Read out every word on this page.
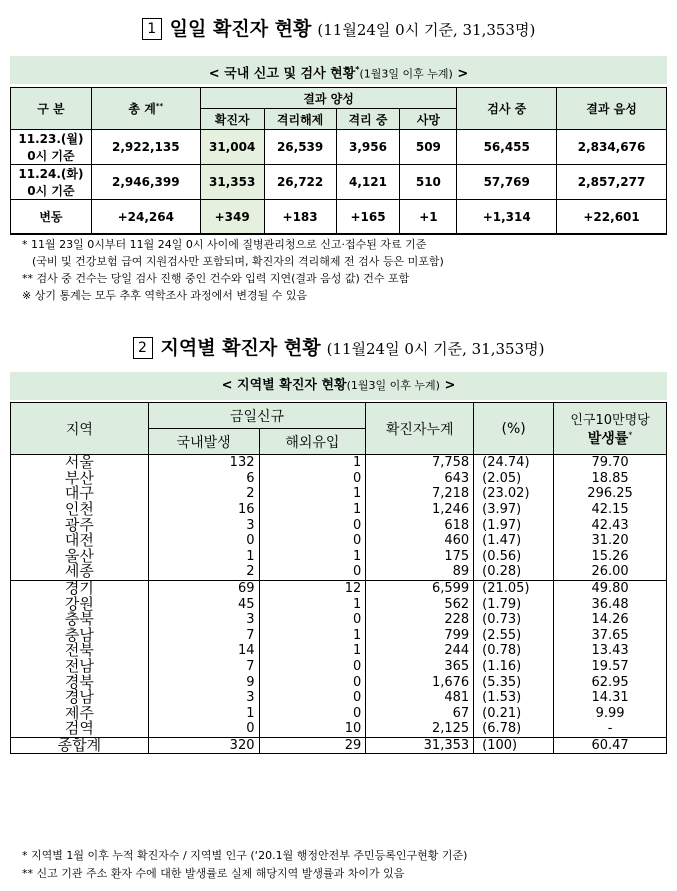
1 일일 확진자 현황 (11월24일 0시 기준, 31,353명)
< 국내 신고 및 검사 현황*(1월3일 이후 누계) >
구 분	총 계**	결과 양성				검사 중	결과 음성
		확진자	격리해제	격리 중	사망		
11.23.(월)
0시 기준	2,922,135	31,004	26,539	3,956	509	56,455	2,834,676
11.24.(화)
0시 기준	2,946,399	31,353	26,722	4,121	510	57,769	2,857,277
변동	+24,264	+349	+183	+165	+1	+1,314	+22,601
* 11월 23일 0시부터 11월 24일 0시 사이에 질병관리청으로 신고·접수된 자료 기준
(국비 및 건강보험 급여 지원검사만 포함되며, 확진자의 격리해제 전 검사 등은 미포함)
** 검사 중 건수는 당일 검사 진행 중인 건수와 입력 지연(결과 음성 값) 건수 포함
※ 상기 통계는 모두 추후 역학조사 과정에서 변경될 수 있음
2 지역별 확진자 현황 (11월24일 0시 기준, 31,353명)
< 지역별 확진자 현황(1월3일 이후 누계) >
지역	금일신규		확진자누계	(%)	인구10만명당
발생률*
	국내발생	해외유입			
서울	132	1	7,758	(24.74)	79.70
부산	6	0	643	(2.05)	18.85
대구	2	1	7,218	(23.02)	296.25
인천	16	1	1,246	(3.97)	42.15
광주	3	0	618	(1.97)	42.43
대전	0	0	460	(1.47)	31.20
울산	1	1	175	(0.56)	15.26
세종	2	0	89	(0.28)	26.00
경기	69	12	6,599	(21.05)	49.80
강원	45	1	562	(1.79)	36.48
충북	3	0	228	(0.73)	14.26
충남	7	1	799	(2.55)	37.65
전북	14	1	244	(0.78)	13.43
전남	7	0	365	(1.16)	19.57
경북	9	0	1,676	(5.35)	62.95
경남	3	0	481	(1.53)	14.31
제주	1	0	67	(0.21)	9.99
검역	0	10	2,125	(6.78)	-
종합계	320	29	31,353	(100)	60.47
* 지역별 1월 이후 누적 확진자수 / 지역별 인구 (‘20.1월 행정안전부 주민등록인구현황 기준)
** 신고 기관 주소 환자 수에 대한 발생률로 실제 해당지역 발생률과 차이가 있음
